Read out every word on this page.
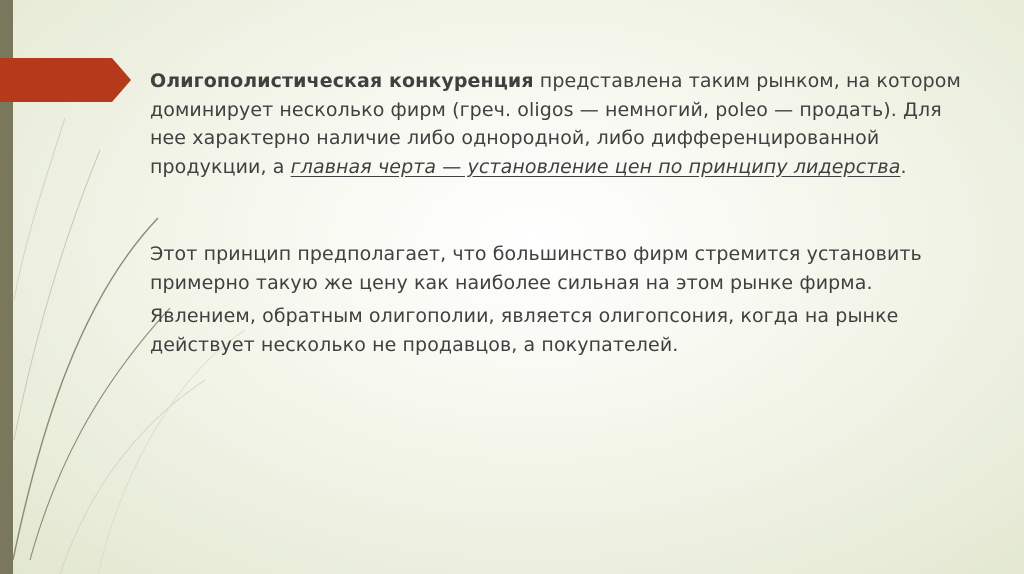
Олигополистическая конкуренция представлена таким рынком, на котором доминирует несколько фирм (греч. oligos — немногий, poleo — продать). Для нее характерно наличие либо однородной, либо дифференцированной продукции, а главная черта — установление цен по принципу лидерства.

Этот принцип предполагает, что большинство фирм стремится установить примерно такую же цену как наиболее сильная на этом рынке фирма.

Явлением, обратным олигополии, является олигопсония, когда на рынке действует несколько не продавцов, а покупателей.
